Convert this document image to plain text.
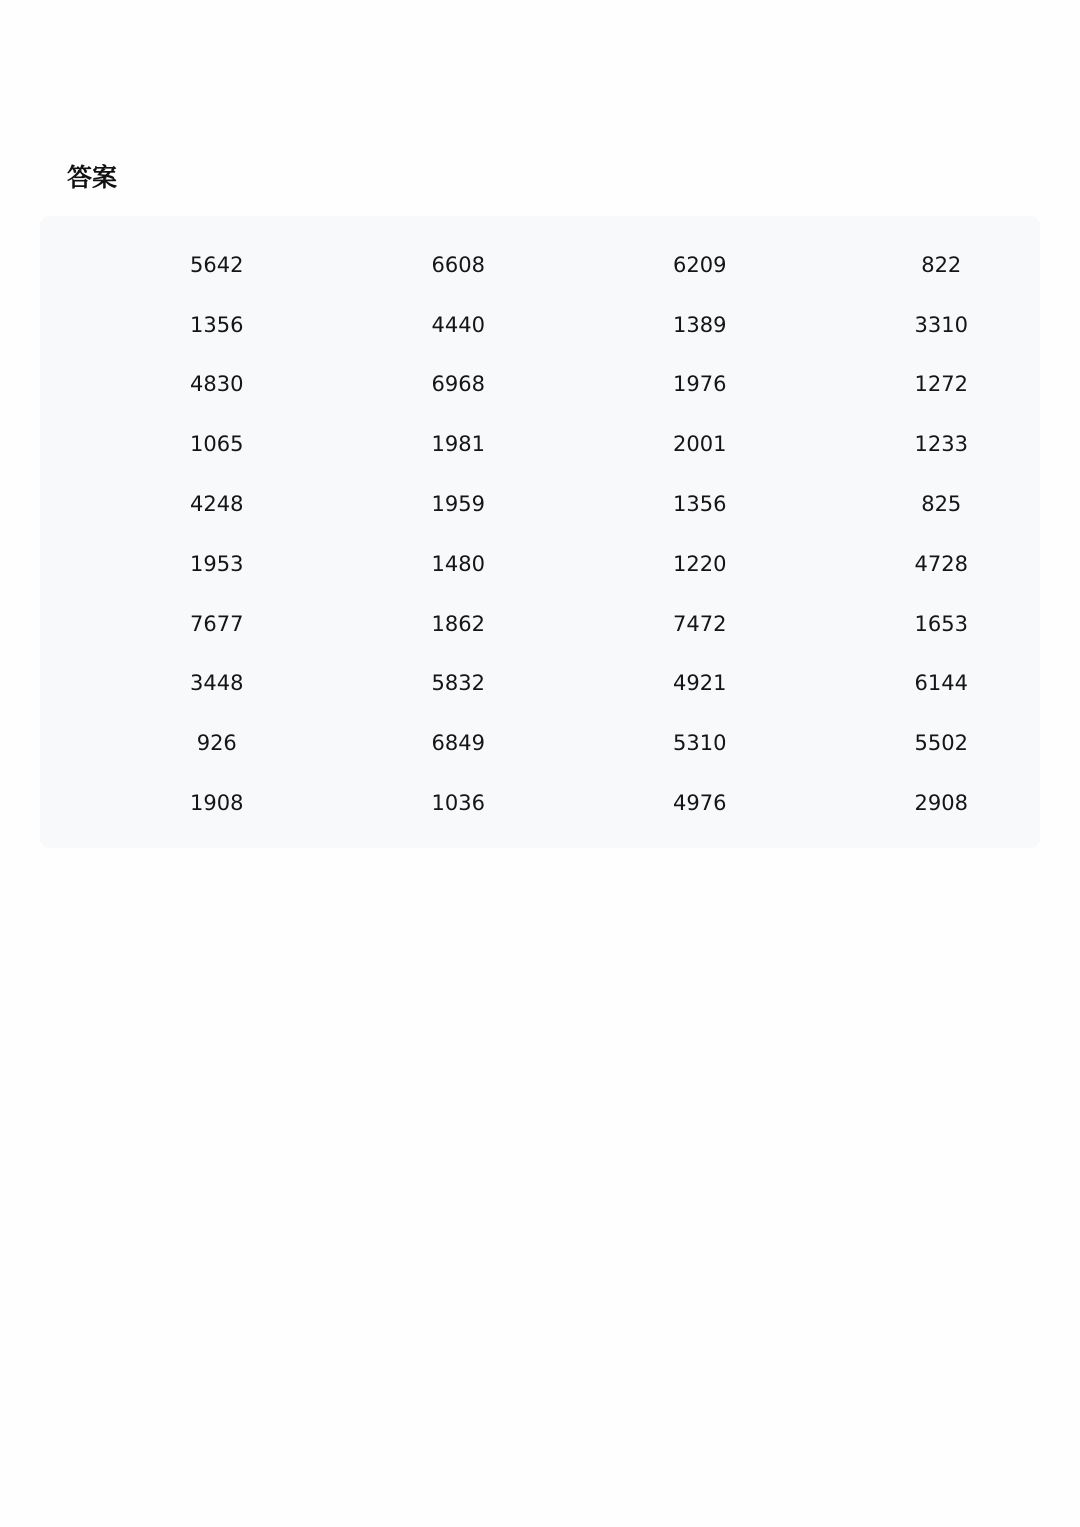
答案
5642	6608	6209	822
1356	4440	1389	3310
4830	6968	1976	1272
1065	1981	2001	1233
4248	1959	1356	825
1953	1480	1220	4728
7677	1862	7472	1653
3448	5832	4921	6144
926	6849	5310	5502
1908	1036	4976	2908
